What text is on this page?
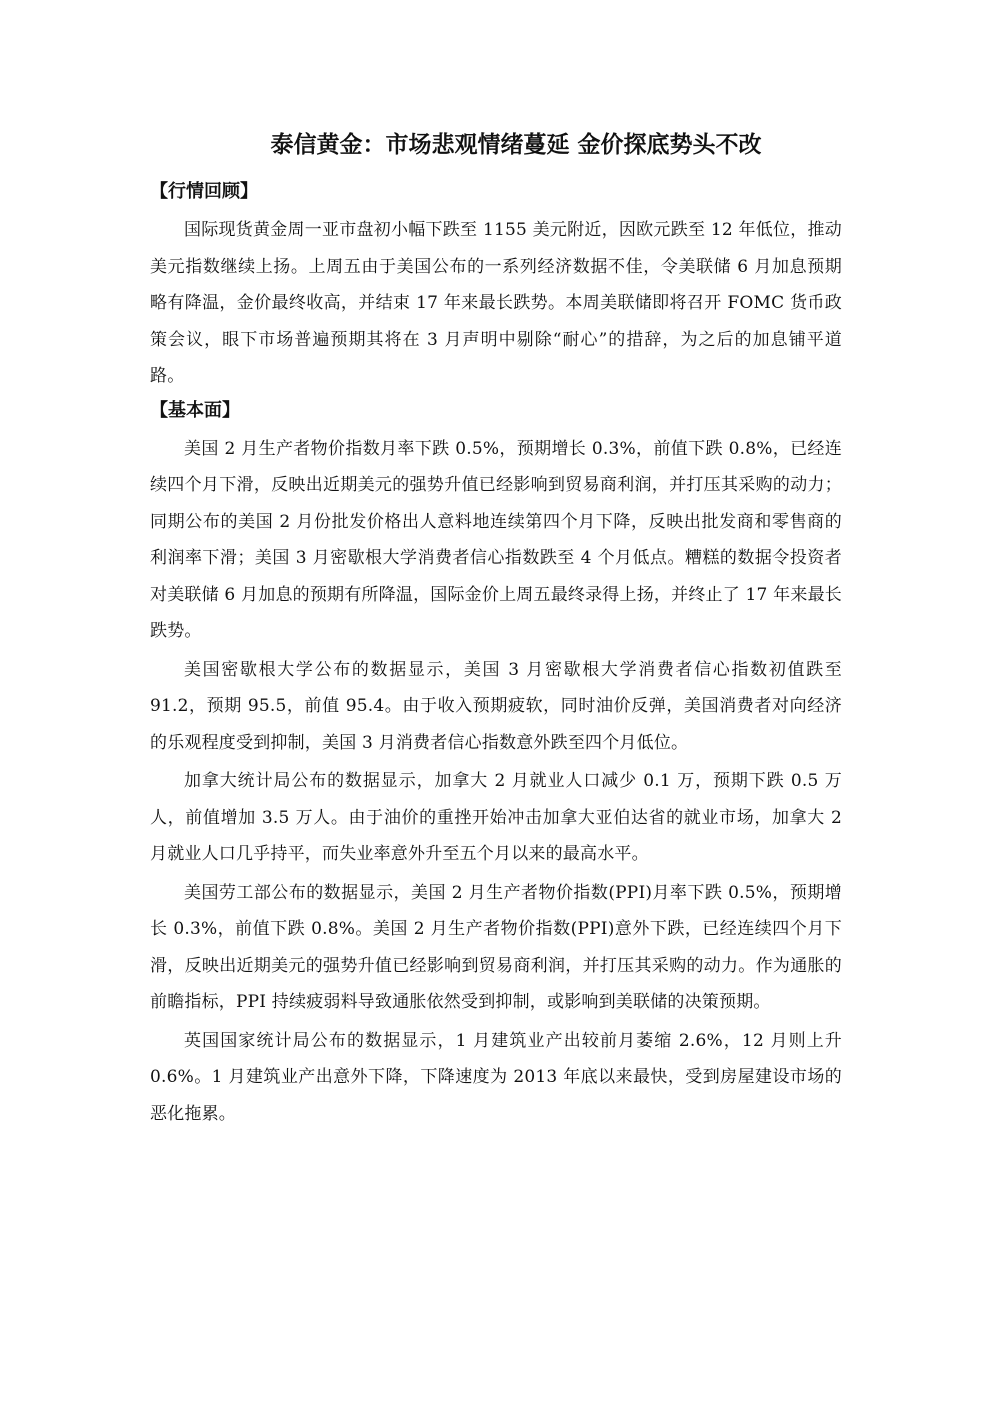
泰信黄金：市场悲观情绪蔓延 金价探底势头不改
【行情回顾】

国际现货黄金周一亚市盘初小幅下跌至 1155 美元附近，因欧元跌至 12 年低位，推动美元指数继续上扬。上周五由于美国公布的一系列经济数据不佳，令美联储 6 月加息预期略有降温，金价最终收高，并结束 17 年来最长跌势。本周美联储即将召开 FOMC 货币政策会议，眼下市场普遍预期其将在 3 月声明中剔除“耐心”的措辞，为之后的加息铺平道路。

【基本面】

美国 2 月生产者物价指数月率下跌 0.5%，预期增长 0.3%，前值下跌 0.8%，已经连续四个月下滑，反映出近期美元的强势升值已经影响到贸易商利润，并打压其采购的动力；同期公布的美国 2 月份批发价格出人意料地连续第四个月下降，反映出批发商和零售商的利润率下滑；美国 3 月密歇根大学消费者信心指数跌至 4 个月低点。糟糕的数据令投资者对美联储 6 月加息的预期有所降温，国际金价上周五最终录得上扬，并终止了 17 年来最长跌势。

美国密歇根大学公布的数据显示，美国 3 月密歇根大学消费者信心指数初值跌至 91.2，预期 95.5，前值 95.4。由于收入预期疲软，同时油价反弹，美国消费者对向经济的乐观程度受到抑制，美国 3 月消费者信心指数意外跌至四个月低位。

加拿大统计局公布的数据显示，加拿大 2 月就业人口减少 0.1 万，预期下跌 0.5 万人，前值增加 3.5 万人。由于油价的重挫开始冲击加拿大亚伯达省的就业市场，加拿大 2 月就业人口几乎持平，而失业率意外升至五个月以来的最高水平。

美国劳工部公布的数据显示，美国 2 月生产者物价指数(PPI)月率下跌 0.5%，预期增长 0.3%，前值下跌 0.8%。美国 2 月生产者物价指数(PPI)意外下跌，已经连续四个月下滑，反映出近期美元的强势升值已经影响到贸易商利润，并打压其采购的动力。作为通胀的前瞻指标，PPI 持续疲弱料导致通胀依然受到抑制，或影响到美联储的决策预期。

英国国家统计局公布的数据显示，1 月建筑业产出较前月萎缩 2.6%，12 月则上升 0.6%。1 月建筑业产出意外下降，下降速度为 2013 年底以来最快，受到房屋建设市场的恶化拖累。
